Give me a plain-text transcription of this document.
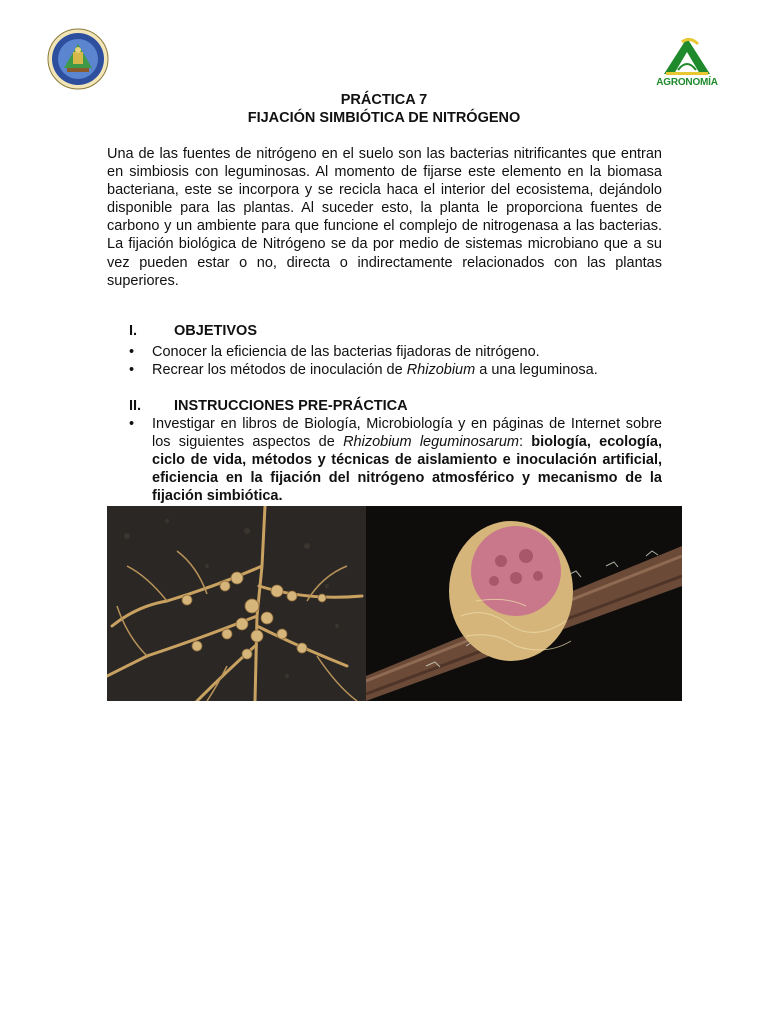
AGRONOMÍA
PRÁCTICA 7
FIJACIÓN SIMBIÓTICA DE NITRÓGENO

Una de las fuentes de nitrógeno en el suelo son las bacterias nitrificantes que entran en simbiosis con leguminosas. Al momento de fijarse este elemento en la biomasa bacteriana, este se incorpora y se recicla haca el interior del ecosistema, dejándolo disponible para las plantas. Al suceder esto, la planta le proporciona fuentes de carbono y un ambiente para que funcione el complejo de nitrogenasa a las bacterias. La fijación biológica de Nitrógeno se da por medio de sistemas microbiano que a su vez pueden estar o no, directa o indirectamente relacionados con las plantas superiores.

I.	OBJETIVOS
• Conocer la eficiencia de las bacterias fijadoras de nitrógeno.
• Recrear los métodos de inoculación de Rhizobium a una leguminosa.
II. INSTRUCCIONES PRE-PRÁCTICA
• Investigar en libros de Biología, Microbiología y en páginas de Internet sobre los siguientes aspectos de Rhizobium leguminosarum: biología, ecología, ciclo de vida, métodos y técnicas de aislamiento e inoculación artificial, eficiencia en la fijación del nitrógeno atmosférico y mecanismo de la fijación simbiótica.
